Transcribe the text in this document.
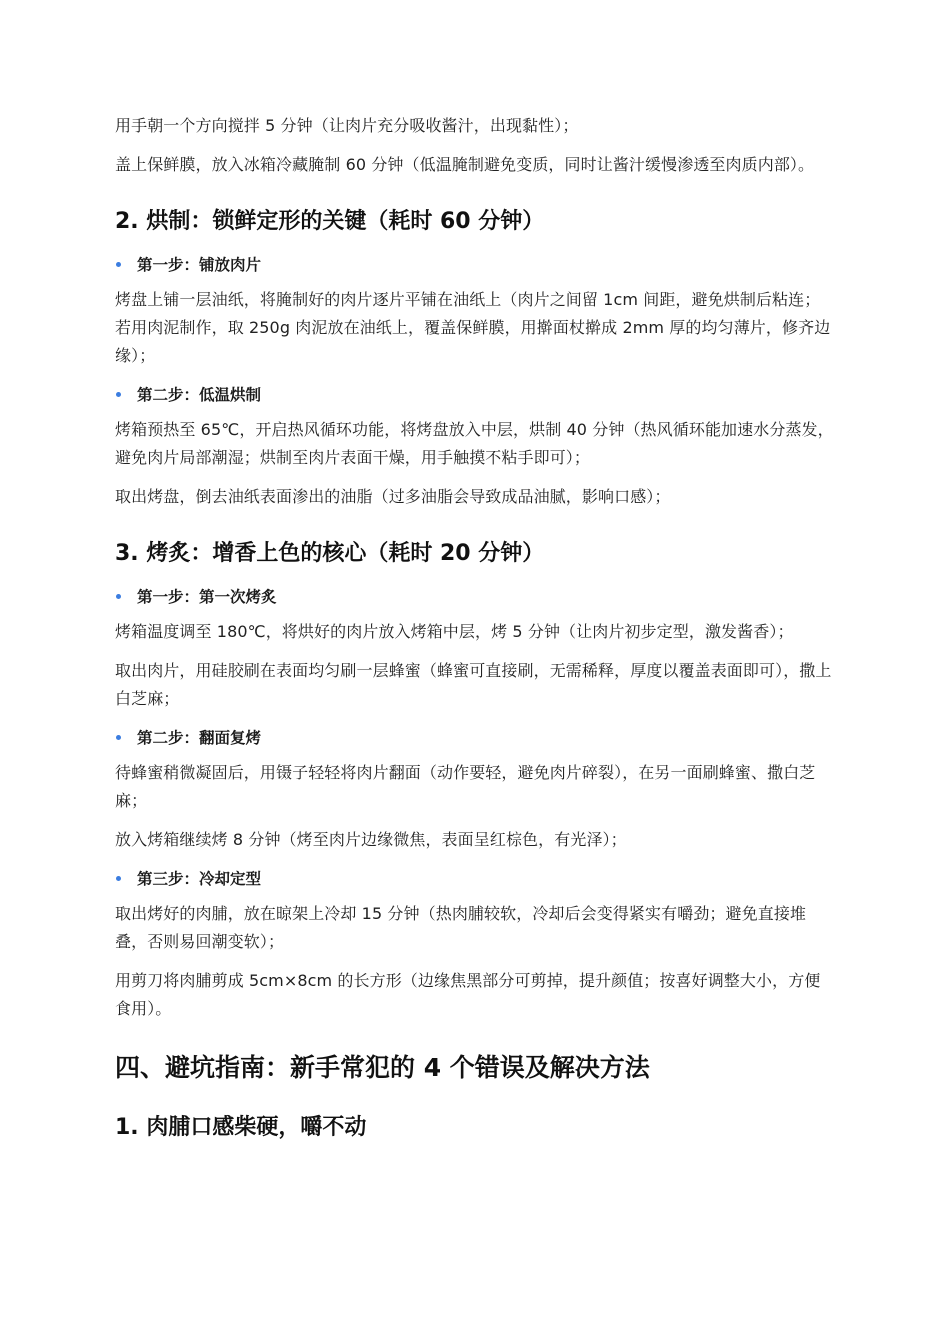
用手朝一个方向搅拌 5 分钟（让肉片充分吸收酱汁，出现黏性）；

盖上保鲜膜，放入冰箱冷藏腌制 60 分钟（低温腌制避免变质，同时让酱汁缓慢渗透至肉质内部）。

2. 烘制：锁鲜定形的关键（耗时 60 分钟）
第一步：铺放肉片

烤盘上铺一层油纸，将腌制好的肉片逐片平铺在油纸上（肉片之间留 1cm 间距，避免烘制后粘连；若用肉泥制作，取 250g 肉泥放在油纸上，覆盖保鲜膜，用擀面杖擀成 2mm 厚的均匀薄片，修齐边缘）；

第二步：低温烘制

烤箱预热至 65℃，开启热风循环功能，将烤盘放入中层，烘制 40 分钟（热风循环能加速水分蒸发，避免肉片局部潮湿；烘制至肉片表面干燥，用手触摸不粘手即可）；

取出烤盘，倒去油纸表面渗出的油脂（过多油脂会导致成品油腻，影响口感）；

3. 烤炙：增香上色的核心（耗时 20 分钟）
第一步：第一次烤炙

烤箱温度调至 180℃，将烘好的肉片放入烤箱中层，烤 5 分钟（让肉片初步定型，激发酱香）；

取出肉片，用硅胶刷在表面均匀刷一层蜂蜜（蜂蜜可直接刷，无需稀释，厚度以覆盖表面即可），撒上白芝麻；

第二步：翻面复烤

待蜂蜜稍微凝固后，用镊子轻轻将肉片翻面（动作要轻，避免肉片碎裂），在另一面刷蜂蜜、撒白芝麻；

放入烤箱继续烤 8 分钟（烤至肉片边缘微焦，表面呈红棕色，有光泽）；

第三步：冷却定型

取出烤好的肉脯，放在晾架上冷却 15 分钟（热肉脯较软，冷却后会变得紧实有嚼劲；避免直接堆叠，否则易回潮变软）；

用剪刀将肉脯剪成 5cm×8cm 的长方形（边缘焦黑部分可剪掉，提升颜值；按喜好调整大小，方便食用）。

四、避坑指南：新手常犯的 4 个错误及解决方法
1. 肉脯口感柴硬，嚼不动
